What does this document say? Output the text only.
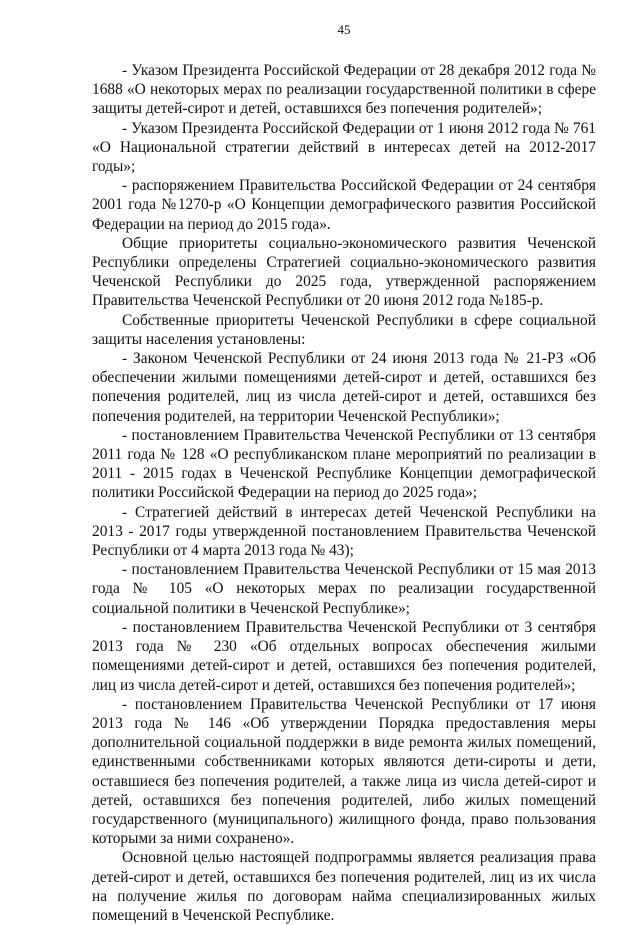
45

- Указом Президента Российской Федерации от 28 декабря 2012 года № 1688 «О некоторых мерах по реализации государственной политики в сфере защиты детей-сирот и детей, оставшихся без попечения родителей»;

- Указом Президента Российской Федерации от 1 июня 2012 года № 761 «О Национальной стратегии действий в интересах детей на 2012-2017 годы»;

- распоряжением Правительства Российской Федерации от 24 сентября 2001 года №1270-р «О Концепции демографического развития Российской Федерации на период до 2015 года».

Общие приоритеты социально-экономического развития Чеченской Республики определены Стратегией социально-экономического развития Чеченской Республики до 2025 года, утвержденной распоряжением Правительства Чеченской Республики от 20 июня 2012 года №185-р.

Собственные приоритеты Чеченской Республики в сфере социальной защиты населения установлены:

- Законом Чеченской Республики от 24 июня 2013 года № 21-РЗ «Об обеспечении жилыми помещениями детей-сирот и детей, оставшихся без попечения родителей, лиц из числа детей-сирот и детей, оставшихся без попечения родителей, на территории Чеченской Республики»;

- постановлением Правительства Чеченской Республики от 13 сентября 2011 года № 128 «О республиканском плане мероприятий по реализации в 2011 - 2015 годах в Чеченской Республике Концепции демографической политики Российской Федерации на период до 2025 года»;

- Стратегией действий в интересах детей Чеченской Республики на 2013 - 2017 годы утвержденной постановлением Правительства Чеченской Республики от 4 марта 2013 года № 43);

- постановлением Правительства Чеченской Республики от 15 мая 2013 года № 105 «О некоторых мерах по реализации государственной социальной политики в Чеченской Республике»;

- постановлением Правительства Чеченской Республики от 3 сентября 2013 года № 230 «Об отдельных вопросах обеспечения жилыми помещениями детей-сирот и детей, оставшихся без попечения родителей, лиц из числа детей-сирот и детей, оставшихся без попечения родителей»;

- постановлением Правительства Чеченской Республики от 17 июня 2013 года № 146 «Об утверждении Порядка предоставления меры дополнительной социальной поддержки в виде ремонта жилых помещений, единственными собственниками которых являются дети-сироты и дети, оставшиеся без попечения родителей, а также лица из числа детей-сирот и детей, оставшихся без попечения родителей, либо жилых помещений государственного (муниципального) жилищного фонда, право пользования которыми за ними сохранено».

Основной целью настоящей подпрограммы является реализация права детей-сирот и детей, оставшихся без попечения родителей, лиц из их числа на получение жилья по договорам найма специализированных жилых помещений в Чеченской Республике.
